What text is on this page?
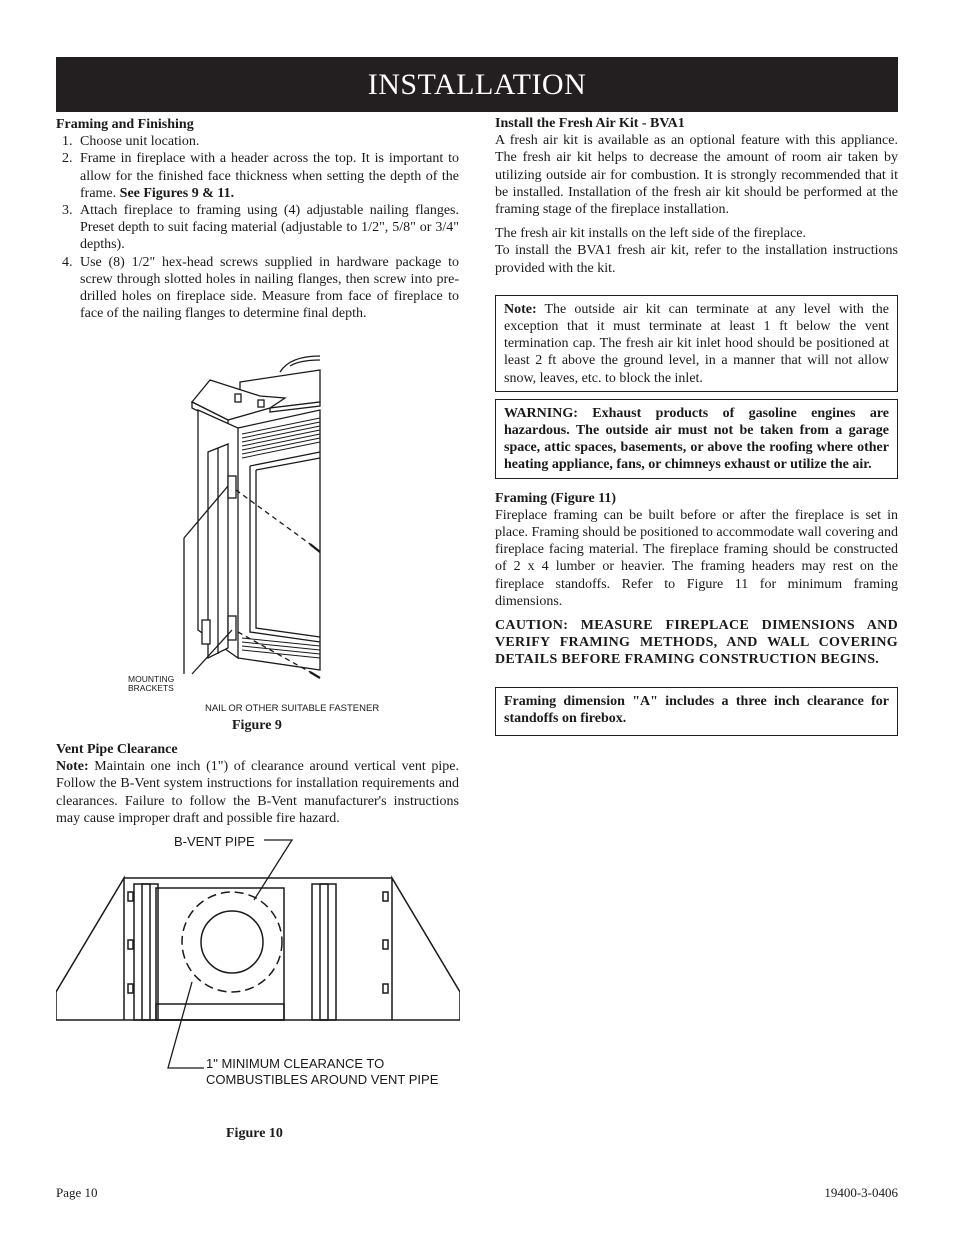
INSTALLATION
Framing and Finishing
1. Choose unit location.
2. Frame in fireplace with a header across the top. It is important to allow for the finished face thickness when setting the depth of the frame. See Figures 9 & 11.
3. Attach fireplace to framing using (4) adjustable nailing flanges. Preset depth to suit facing material (adjustable to 1/2", 5/8" or 3/4" depths).
4. Use (8) 1/2" hex-head screws supplied in hardware package to screw through slotted holes in nailing flanges, then screw into pre-drilled holes on fireplace side. Measure from face of fireplace to face of the nailing flanges to determine final depth.
MOUNTING
BRACKETS
NAIL OR OTHER SUITABLE FASTENER
Figure 9
Vent Pipe Clearance

Note: Maintain one inch (1") of clearance around vertical vent pipe. Follow the B-Vent system instructions for installation requirements and clearances. Failure to follow the B-Vent manufacturer's instructions may cause improper draft and possible fire hazard.

B-VENT PIPE
1" MINIMUM CLEARANCE TO
COMBUSTIBLES AROUND VENT PIPE
Figure 10
Install the Fresh Air Kit - BVA1

A fresh air kit is available as an optional feature with this appliance. The fresh air kit helps to decrease the amount of room air taken by utilizing outside air for combustion. It is strongly recommended that it be installed. Installation of the fresh air kit should be performed at the framing stage of the fireplace installation.

The fresh air kit installs on the left side of the fireplace.

To install the BVA1 fresh air kit, refer to the installation instructions provided with the kit.

Note: The outside air kit can terminate at any level with the exception that it must terminate at least 1 ft below the vent termination cap. The fresh air kit inlet hood should be positioned at least 2 ft above the ground level, in a manner that will not allow snow, leaves, etc. to block the inlet.
WARNING: Exhaust products of gasoline engines are hazardous. The outside air must not be taken from a garage space, attic spaces, basements, or above the roofing where other heating appliance, fans, or chimneys exhaust or utilize the air.
Framing (Figure 11)

Fireplace framing can be built before or after the fireplace is set in place. Framing should be positioned to accommodate wall covering and fireplace facing material. The fireplace framing should be constructed of 2 x 4 lumber or heavier. The framing headers may rest on the fireplace standoffs. Refer to Figure 11 for minimum framing dimensions.

CAUTION: MEASURE FIREPLACE DIMENSIONS AND VERIFY FRAMING METHODS, AND WALL COVERING DETAILS BEFORE FRAMING CONSTRUCTION BEGINS.

Framing dimension "A" includes a three inch clearance for standoffs on firebox.
Page 10	19400-3-0406
